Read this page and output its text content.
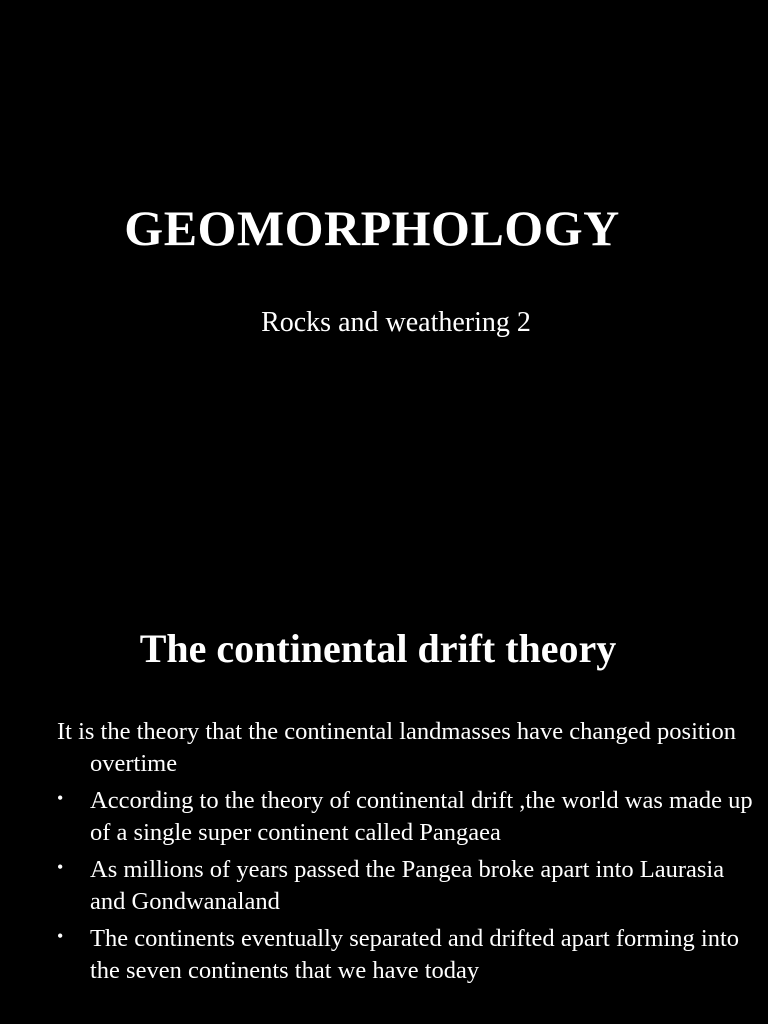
GEOMORPHOLOGY
Rocks and weathering 2
The continental drift theory

It is the theory that the continental landmasses have changed position overtime

• According to the theory of continental drift ,the world was made up of a single super continent called Pangaea
• As millions of years passed the Pangea broke apart into Laurasia and Gondwanaland
• The continents eventually separated and drifted apart forming into the seven continents that we have today
